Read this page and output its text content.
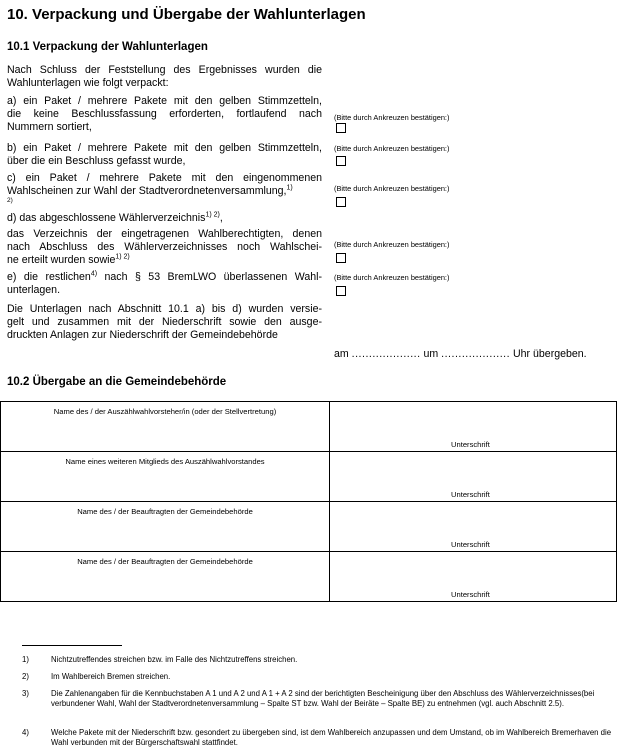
10. Verpackung und Übergabe der Wahlunterlagen
10.1 Verpackung der Wahlunterlagen
Nach Schluss der Feststellung des Ergebnisses wurden die
Wahlunterlagen wie folgt verpackt:
a) ein Paket / mehrere Pakete mit den gelben Stimmzetteln,
die keine Beschlussfassung erforderten, fortlaufend nach
Nummern sortiert,
(Bitte durch Ankreuzen bestätigen:)
b) ein Paket / mehrere Pakete mit den gelben Stimmzetteln,
über die ein Beschluss gefasst wurde,
(Bitte durch Ankreuzen bestätigen:)
c) ein Paket / mehrere Pakete mit den eingenommenen
Wahlscheinen zur Wahl der Stadtverordnetenversammlung,$^{1)}$
2)
(Bitte durch Ankreuzen bestätigen:)
d) das abgeschlossene Wählerverzeichnis$^{1) 2)}$,
das Verzeichnis der eingetragenen Wahlberechtigten, denen
nach Abschluss des Wählerverzeichnisses noch Wahlschei-
ne erteilt wurden sowie$^{1) 2)}$
(Bitte durch Ankreuzen bestätigen:)
e) die restlichen$^{4)}$ nach § 53 BremLWO überlassenen Wahl-
unterlagen.
(Bitte durch Ankreuzen bestätigen:)
Die Unterlagen nach Abschnitt 10.1 a) bis d) wurden versie-
gelt und zusammen mit der Niederschrift sowie den ausge-
druckten Anlagen zur Niederschrift der Gemeindebehörde
am .................... um .................... Uhr übergeben.
10.2 Übergabe an die Gemeindebehörde
Name des / der Auszählwahlvorsteher/in (oder der Stellvertretung)	Unterschrift

Name eines weiteren Mitglieds des Auszählwahlvorstandes	Unterschrift

Name des / der Beauftragten der Gemeindebehörde	Unterschrift

Name des / der Beauftragten der Gemeindebehörde	Unterschrift
1)	Nichtzutreffendes streichen bzw. im Falle des Nichtzutreffens streichen.
2)	Im Wahlbereich Bremen streichen.
3)	Die Zahlenangaben für die Kennbuchstaben A 1 und A 2 und A 1 + A 2 sind der berichtigten Bescheinigung über den Abschluss des Wählerverzeichnisses(bei verbundener Wahl, Wahl der Stadtverordnetenversammlung – Spalte ST bzw. Wahl der Beiräte – Spalte BE) zu entnehmen (vgl. auch Abschnitt 2.5).
4)	Welche Pakete mit der Niederschrift bzw. gesondert zu übergeben sind, ist dem Wahlbereich anzupassen und dem Umstand, ob im Wahlbereich Bremerhaven die Wahl verbunden mit der Bürgerschaftswahl stattfindet.
